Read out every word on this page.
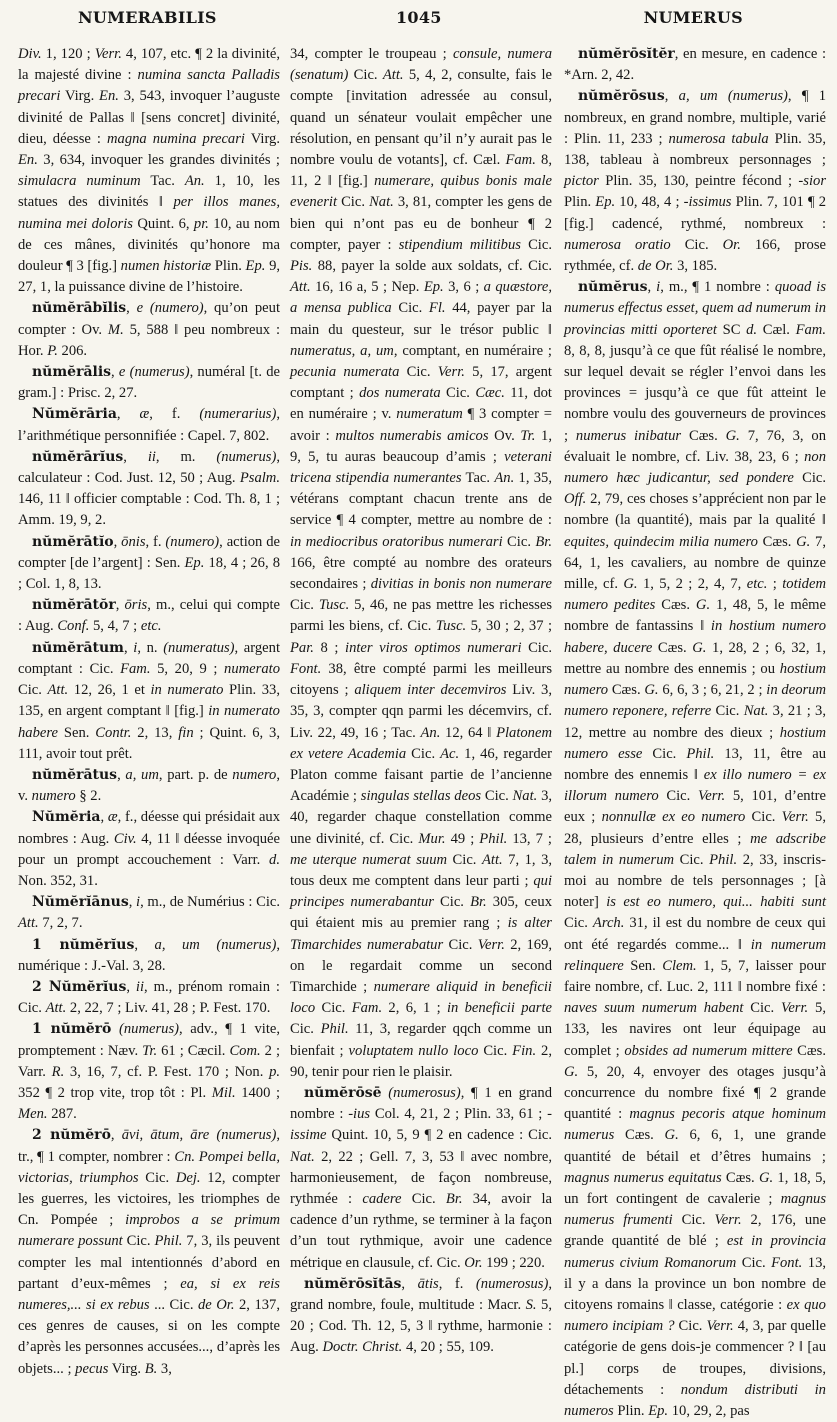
NUMERABILIS	1045	NUMERUS

Div. 1, 120 ; Verr. 4, 107, etc. ¶ 2 la divinité, la majesté divine : numina sancta Palladis precari Virg. En. 3, 543, invoquer l’auguste divinité de Pallas ‖ [sens concret] divinité, dieu, déesse : magna numina precari Virg. En. 3, 634, invoquer les grandes divinités ; simulacra numinum Tac. An. 1, 10, les statues des divinités ‖ per illos manes, numina mei doloris Quint. 6, pr. 10, au nom de ces mânes, divinités qu’honore ma douleur ¶ 3 [fig.] numen historiæ Plin. Ep. 9, 27, 1, la puissance divine de l’histoire.

nŭmĕrābĭlis, e (numero), qu’on peut compter : Ov. M. 5, 588 ‖ peu nombreux : Hor. P. 206.

nŭmĕrālis, e (numerus), numéral [t. de gram.] : Prisc. 2, 27.

Nŭmĕrāria, æ, f. (numerarius), l’arithmétique personnifiée : Capel. 7, 802.

nŭmĕrārĭus, ii, m. (numerus), calculateur : Cod. Just. 12, 50 ; Aug. Psalm. 146, 11 ‖ officier comptable : Cod. Th. 8, 1 ; Amm. 19, 9, 2.

nŭmĕrātĭo, ōnis, f. (numero), action de compter [de l’argent] : Sen. Ep. 18, 4 ; 26, 8 ; Col. 1, 8, 13.

nŭmĕrātŏr, ōris, m., celui qui compte : Aug. Conf. 5, 4, 7 ; etc.

nŭmĕrātum, i, n. (numeratus), argent comptant : Cic. Fam. 5, 20, 9 ; numerato Cic. Att. 12, 26, 1 et in numerato Plin. 33, 135, en argent comptant ‖ [fig.] in numerato habere Sen. Contr. 2, 13, fin ; Quint. 6, 3, 111, avoir tout prêt.

nŭmĕrātus, a, um, part. p. de numero, v. numero § 2.

Nŭmĕria, æ, f., déesse qui présidait aux nombres : Aug. Civ. 4, 11 ‖ déesse invoquée pour un prompt accouchement : Varr. d. Non. 352, 31.

Nŭmĕrĭānus, i, m., de Numérius : Cic. Att. 7, 2, 7.

1 nŭmĕrĭus, a, um (numerus), numérique : J.-Val. 3, 28.

2 Nŭmĕrĭus, ii, m., prénom romain : Cic. Att. 2, 22, 7 ; Liv. 41, 28 ; P. Fest. 170.

1 nŭmĕrō (numerus), adv., ¶ 1 vite, promptement : Næv. Tr. 61 ; Cæcil. Com. 2 ; Varr. R. 3, 16, 7, cf. P. Fest. 170 ; Non. p. 352 ¶ 2 trop vite, trop tôt : Pl. Mil. 1400 ; Men. 287.

2 nŭmĕrō, āvi, ātum, āre (numerus), tr., ¶ 1 compter, nombrer : Cn. Pompei bella, victorias, triumphos Cic. Dej. 12, compter les guerres, les victoires, les triomphes de Cn. Pompée ; improbos a se primum numerare possunt Cic. Phil. 7, 3, ils peuvent compter les mal intentionnés d’abord en partant d’eux-mêmes ; ea, si ex reis numeres,... si ex rebus ... Cic. de Or. 2, 137, ces genres de causes, si on les compte d’après les personnes accusées..., d’après les objets... ; pecus Virg. B. 3,

34, compter le troupeau ; consule, numera (senatum) Cic. Att. 5, 4, 2, consulte, fais le compte [invitation adressée au consul, quand un sénateur voulait empêcher une résolution, en pensant qu’il n’y aurait pas le nombre voulu de votants], cf. Cæl. Fam. 8, 11, 2 ‖ [fig.] numerare, quibus bonis male evenerit Cic. Nat. 3, 81, compter les gens de bien qui n’ont pas eu de bonheur ¶ 2 compter, payer : stipendium militibus Cic. Pis. 88, payer la solde aux soldats, cf. Cic. Att. 16, 16 a, 5 ; Nep. Ep. 3, 6 ; a quæstore, a mensa publica Cic. Fl. 44, payer par la main du questeur, sur le trésor public ‖ numeratus, a, um, comptant, en numéraire ; pecunia numerata Cic. Verr. 5, 17, argent comptant ; dos numerata Cic. Cæc. 11, dot en numéraire ; v. numeratum ¶ 3 compter = avoir : multos numerabis amicos Ov. Tr. 1, 9, 5, tu auras beaucoup d’amis ; veterani tricena stipendia numerantes Tac. An. 1, 35, vétérans comptant chacun trente ans de service ¶ 4 compter, mettre au nombre de : in mediocribus oratoribus numerari Cic. Br. 166, être compté au nombre des orateurs secondaires ; divitias in bonis non numerare Cic. Tusc. 5, 46, ne pas mettre les richesses parmi les biens, cf. Cic. Tusc. 5, 30 ; 2, 37 ; Par. 8 ; inter viros optimos numerari Cic. Font. 38, être compté parmi les meilleurs citoyens ; aliquem inter decemviros Liv. 3, 35, 3, compter qqn parmi les décemvirs, cf. Liv. 22, 49, 16 ; Tac. An. 12, 64 ‖ Platonem ex vetere Academia Cic. Ac. 1, 46, regarder Platon comme faisant partie de l’ancienne Académie ; singulas stellas deos Cic. Nat. 3, 40, regarder chaque constellation comme une divinité, cf. Cic. Mur. 49 ; Phil. 13, 7 ; me uterque numerat suum Cic. Att. 7, 1, 3, tous deux me comptent dans leur parti ; qui principes numerabantur Cic. Br. 305, ceux qui étaient mis au premier rang ; is alter Timarchides numerabatur Cic. Verr. 2, 169, on le regardait comme un second Timarchide ; numerare aliquid in beneficii loco Cic. Fam. 2, 6, 1 ; in beneficii parte Cic. Phil. 11, 3, regarder qqch comme un bienfait ; voluptatem nullo loco Cic. Fin. 2, 90, tenir pour rien le plaisir.

nŭmĕrōsē (numerosus), ¶ 1 en grand nombre : -ius Col. 4, 21, 2 ; Plin. 33, 61 ; -issime Quint. 10, 5, 9 ¶ 2 en cadence : Cic. Nat. 2, 22 ; Gell. 7, 3, 53 ‖ avec nombre, harmonieusement, de façon nombreuse, rythmée : cadere Cic. Br. 34, avoir la cadence d’un rythme, se terminer à la façon d’un tout rythmique, avoir une cadence métrique en clausule, cf. Cic. Or. 199 ; 220.

nŭmĕrōsĭtās, ātis, f. (numerosus), grand nombre, foule, multitude : Macr. S. 5, 20 ; Cod. Th. 12, 5, 3 ‖ rythme, harmonie : Aug. Doctr. Christ. 4, 20 ; 55, 109.

nŭmĕrōsĭtĕr, en mesure, en cadence : *Arn. 2, 42.

nŭmĕrōsus, a, um (numerus), ¶ 1 nombreux, en grand nombre, multiple, varié : Plin. 11, 233 ; numerosa tabula Plin. 35, 138, tableau à nombreux personnages ; pictor Plin. 35, 130, peintre fécond ; -sior Plin. Ep. 10, 48, 4 ; -issimus Plin. 7, 101 ¶ 2 [fig.] cadencé, rythmé, nombreux : numerosa oratio Cic. Or. 166, prose rythmée, cf. de Or. 3, 185.

nŭmĕrus, i, m., ¶ 1 nombre : quoad is numerus effectus esset, quem ad numerum in provincias mitti oporteret SC d. Cæl. Fam. 8, 8, 8, jusqu’à ce que fût réalisé le nombre, sur lequel devait se régler l’envoi dans les provinces = jusqu’à ce que fût atteint le nombre voulu des gouverneurs de provinces ; numerus inibatur Cæs. G. 7, 76, 3, on évaluait le nombre, cf. Liv. 38, 23, 6 ; non numero hæc judicantur, sed pondere Cic. Off. 2, 79, ces choses s’apprécient non par le nombre (la quantité), mais par la qualité ‖ equites, quindecim milia numero Cæs. G. 7, 64, 1, les cavaliers, au nombre de quinze mille, cf. G. 1, 5, 2 ; 2, 4, 7, etc. ; totidem numero pedites Cæs. G. 1, 48, 5, le même nombre de fantassins ‖ in hostium numero habere, ducere Cæs. G. 1, 28, 2 ; 6, 32, 1, mettre au nombre des ennemis ; ou hostium numero Cæs. G. 6, 6, 3 ; 6, 21, 2 ; in deorum numero reponere, referre Cic. Nat. 3, 21 ; 3, 12, mettre au nombre des dieux ; hostium numero esse Cic. Phil. 13, 11, être au nombre des ennemis ‖ ex illo numero = ex illorum numero Cic. Verr. 5, 101, d’entre eux ; nonnullæ ex eo numero Cic. Verr. 5, 28, plusieurs d’entre elles ; me adscribe talem in numerum Cic. Phil. 2, 33, inscris-moi au nombre de tels personnages ; [à noter] is est eo numero, qui... habiti sunt Cic. Arch. 31, il est du nombre de ceux qui ont été regardés comme... ‖ in numerum relinquere Sen. Clem. 1, 5, 7, laisser pour faire nombre, cf. Luc. 2, 111 ‖ nombre fixé : naves suum numerum habent Cic. Verr. 5, 133, les navires ont leur équipage au complet ; obsides ad numerum mittere Cæs. G. 5, 20, 4, envoyer des otages jusqu’à concurrence du nombre fixé ¶ 2 grande quantité : magnus pecoris atque hominum numerus Cæs. G. 6, 6, 1, une grande quantité de bétail et d’êtres humains ; magnus numerus equitatus Cæs. G. 1, 18, 5, un fort contingent de cavalerie ; magnus numerus frumenti Cic. Verr. 2, 176, une grande quantité de blé ; est in provincia numerus civium Romanorum Cic. Font. 13, il y a dans la province un bon nombre de citoyens romains ‖ classe, catégorie : ex quo numero incipiam ? Cic. Verr. 4, 3, par quelle catégorie de gens dois-je commencer ? ‖ [au pl.] corps de troupes, divisions, détachements : nondum distributi in numeros Plin. Ep. 10, 29, 2, pas
